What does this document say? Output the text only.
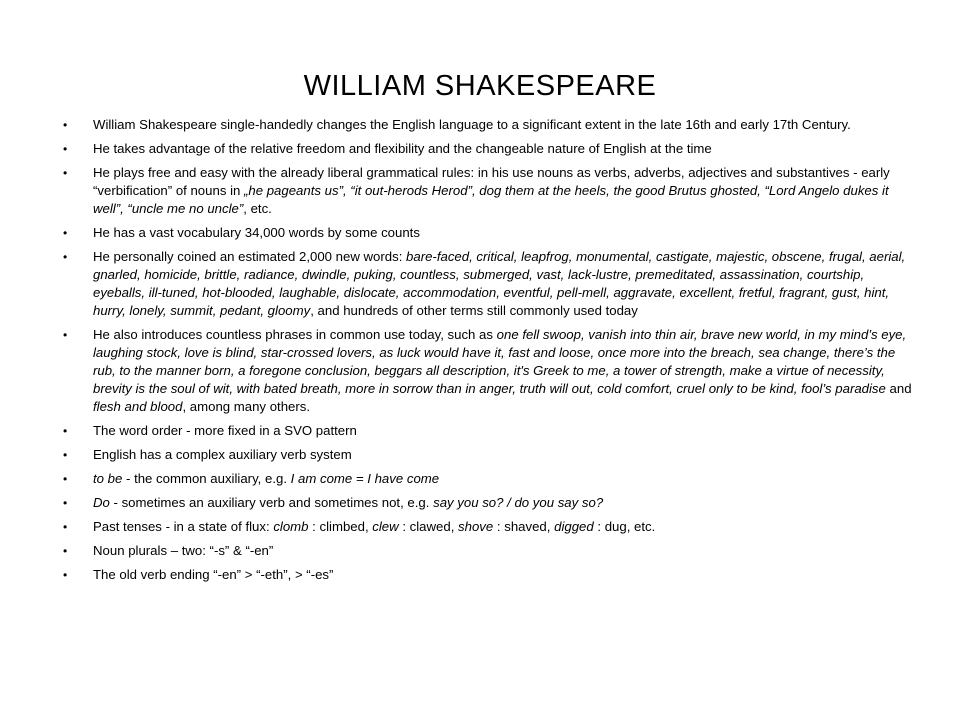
WILLIAM SHAKESPEARE
• William Shakespeare single-handedly changes the English language to a significant extent in the late 16th and early 17th Century.
• He takes advantage of the relative freedom and flexibility and the changeable nature of English at the time
• He plays free and easy with the already liberal grammatical rules: in his use nouns as verbs, adverbs, adjectives and substantives - early “verbification” of nouns in „he pageants us”, “it out-herods Herod”, dog them at the heels, the good Brutus ghosted, “Lord Angelo dukes it well”, “uncle me no uncle”, etc.
• He has a vast vocabulary 34,000 words by some counts
• He personally coined an estimated 2,000 new words: bare-faced, critical, leapfrog, monumental, castigate, majestic, obscene, frugal, aerial, gnarled, homicide, brittle, radiance, dwindle, puking, countless, submerged, vast, lack-lustre, premeditated, assassination, courtship, eyeballs, ill-tuned, hot-blooded, laughable, dislocate, accommodation, eventful, pell-mell, aggravate, excellent, fretful, fragrant, gust, hint, hurry, lonely, summit, pedant, gloomy, and hundreds of other terms still commonly used today
• He also introduces countless phrases in common use today, such as one fell swoop, vanish into thin air, brave new world, in my mind’s eye, laughing stock, love is blind, star-crossed lovers, as luck would have it, fast and loose, once more into the breach, sea change, there’s the rub, to the manner born, a foregone conclusion, beggars all description, it's Greek to me, a tower of strength, make a virtue of necessity, brevity is the soul of wit, with bated breath, more in sorrow than in anger, truth will out, cold comfort, cruel only to be kind, fool’s paradise and flesh and blood, among many others.
• The word order - more fixed in a SVO pattern
• English has a complex auxiliary verb system
• to be - the common auxiliary, e.g. I am come = I have come
• Do - sometimes an auxiliary verb and sometimes not, e.g. say you so? / do you say so?
• Past tenses - in a state of flux: clomb : climbed, clew : clawed, shove : shaved, digged : dug, etc.
• Noun plurals – two: “-s” & “-en”
• The old verb ending “-en” > “-eth”, > “-es”
